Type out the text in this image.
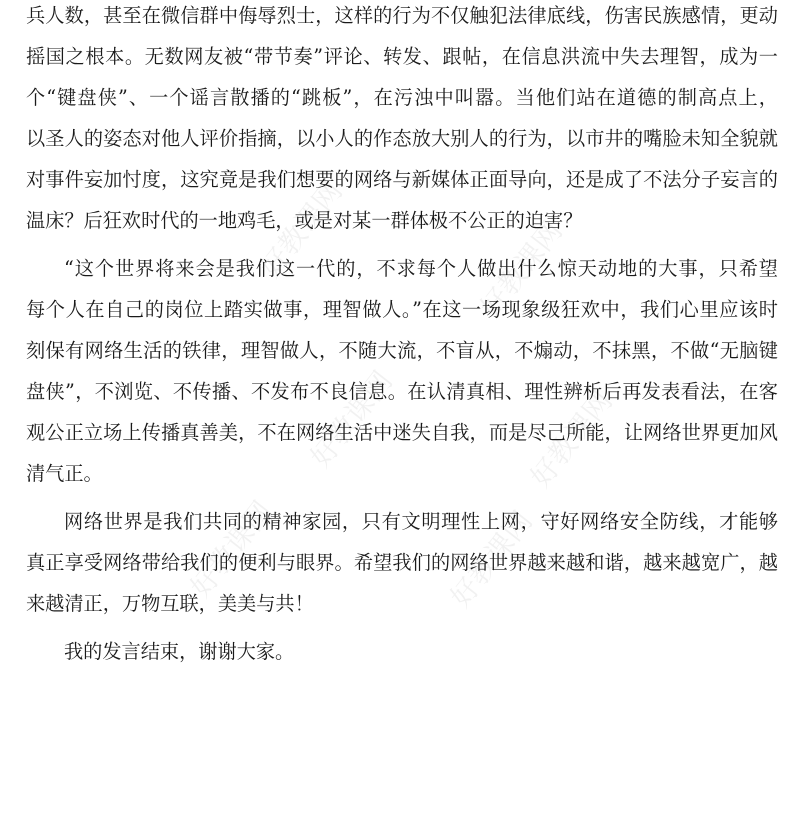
好教课网	好教课网
好教课网	好教课网
好教课网	好教课网
兵人数，甚至在微信群中侮辱烈士，这样的行为不仅触犯法律底线，伤害民族感情，更动
摇国之根本。无数网友被“带节奏”评论、转发、跟帖，在信息洪流中失去理智，成为一
个“键盘侠”、一个谣言散播的“跳板”，在污浊中叫嚣。当他们站在道德的制高点上，
以圣人的姿态对他人评价指摘，以小人的作态放大别人的行为，以市井的嘴脸未知全貌就
对事件妄加忖度，这究竟是我们想要的网络与新媒体正面导向，还是成了不法分子妄言的
温床？后狂欢时代的一地鸡毛，或是对某一群体极不公正的迫害？
“这个世界将来会是我们这一代的，不求每个人做出什么惊天动地的大事，只希望
每个人在自己的岗位上踏实做事，理智做人。”在这一场现象级狂欢中，我们心里应该时
刻保有网络生活的铁律，理智做人，不随大流，不盲从，不煽动，不抹黑，不做“无脑键
盘侠”，不浏览、不传播、不发布不良信息。在认清真相、理性辨析后再发表看法，在客
观公正立场上传播真善美，不在网络生活中迷失自我，而是尽己所能，让网络世界更加风
清气正。
网络世界是我们共同的精神家园，只有文明理性上网，守好网络安全防线，才能够
真正享受网络带给我们的便利与眼界。希望我们的网络世界越来越和谐，越来越宽广，越
来越清正，万物互联，美美与共！
我的发言结束，谢谢大家。
